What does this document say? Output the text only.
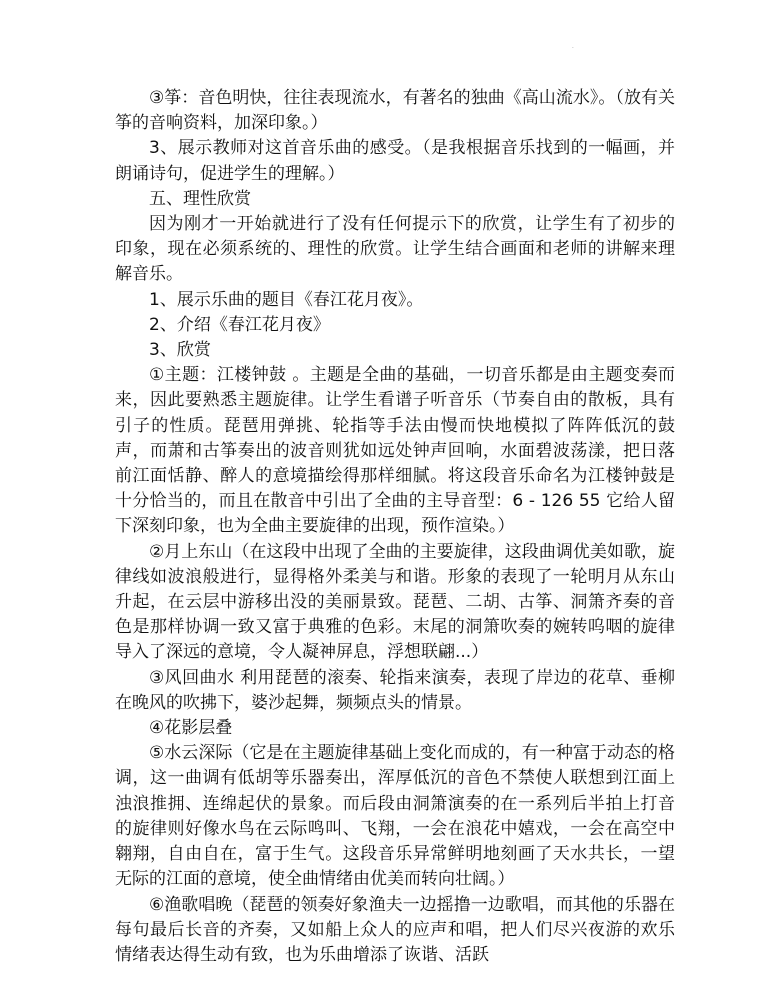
·

③筝：音色明快，往往表现流水，有著名的独曲《高山流水》。（放有关筝的音响资料，加深印象。）

3、展示教师对这首音乐曲的感受。（是我根据音乐找到的一幅画，并朗诵诗句，促进学生的理解。）

五、理性欣赏

因为刚才一开始就进行了没有任何提示下的欣赏，让学生有了初步的印象，现在必须系统的、理性的欣赏。让学生结合画面和老师的讲解来理解音乐。

1、展示乐曲的题目《春江花月夜》。

2、介绍《春江花月夜》

3、欣赏

①主题：江楼钟鼓 。主题是全曲的基础，一切音乐都是由主题变奏而来，因此要熟悉主题旋律。让学生看谱子听音乐（节奏自由的散板，具有引子的性质。琵琶用弹挑、轮指等手法由慢而快地模拟了阵阵低沉的鼓声，而萧和古筝奏出的波音则犹如远处钟声回响，水面碧波荡漾，把日落前江面恬静、醉人的意境描绘得那样细腻。将这段音乐命名为江楼钟鼓是十分恰当的，而且在散音中引出了全曲的主导音型：6 - 126 55 它给人留下深刻印象，也为全曲主要旋律的出现，预作渲染。）

②月上东山（在这段中出现了全曲的主要旋律，这段曲调优美如歌，旋律线如波浪般进行，显得格外柔美与和谐。形象的表现了一轮明月从东山升起，在云层中游移出没的美丽景致。琵琶、二胡、古筝、洞箫齐奏的音色是那样协调一致又富于典雅的色彩。末尾的洞箫吹奏的婉转呜咽的旋律导入了深远的意境，令人凝神屏息，浮想联翩...）

③风回曲水 利用琵琶的滚奏、轮指来演奏，表现了岸边的花草、垂柳在晚风的吹拂下，婆沙起舞，频频点头的情景。

④花影层叠

⑤水云深际（它是在主题旋律基础上变化而成的，有一种富于动态的格调，这一曲调有低胡等乐器奏出，浑厚低沉的音色不禁使人联想到江面上浊浪推拥、连绵起伏的景象。而后段由洞箫演奏的在一系列后半拍上打音的旋律则好像水鸟在云际鸣叫、飞翔，一会在浪花中嬉戏，一会在高空中翱翔，自由自在，富于生气。这段音乐异常鲜明地刻画了天水共长，一望无际的江面的意境，使全曲情绪由优美而转向壮阔。）

⑥渔歌唱晚（琵琶的领奏好象渔夫一边摇撸一边歌唱，而其他的乐器在每句最后长音的齐奏，又如船上众人的应声和唱，把人们尽兴夜游的欢乐情绪表达得生动有致，也为乐曲增添了诙谐、活跃
